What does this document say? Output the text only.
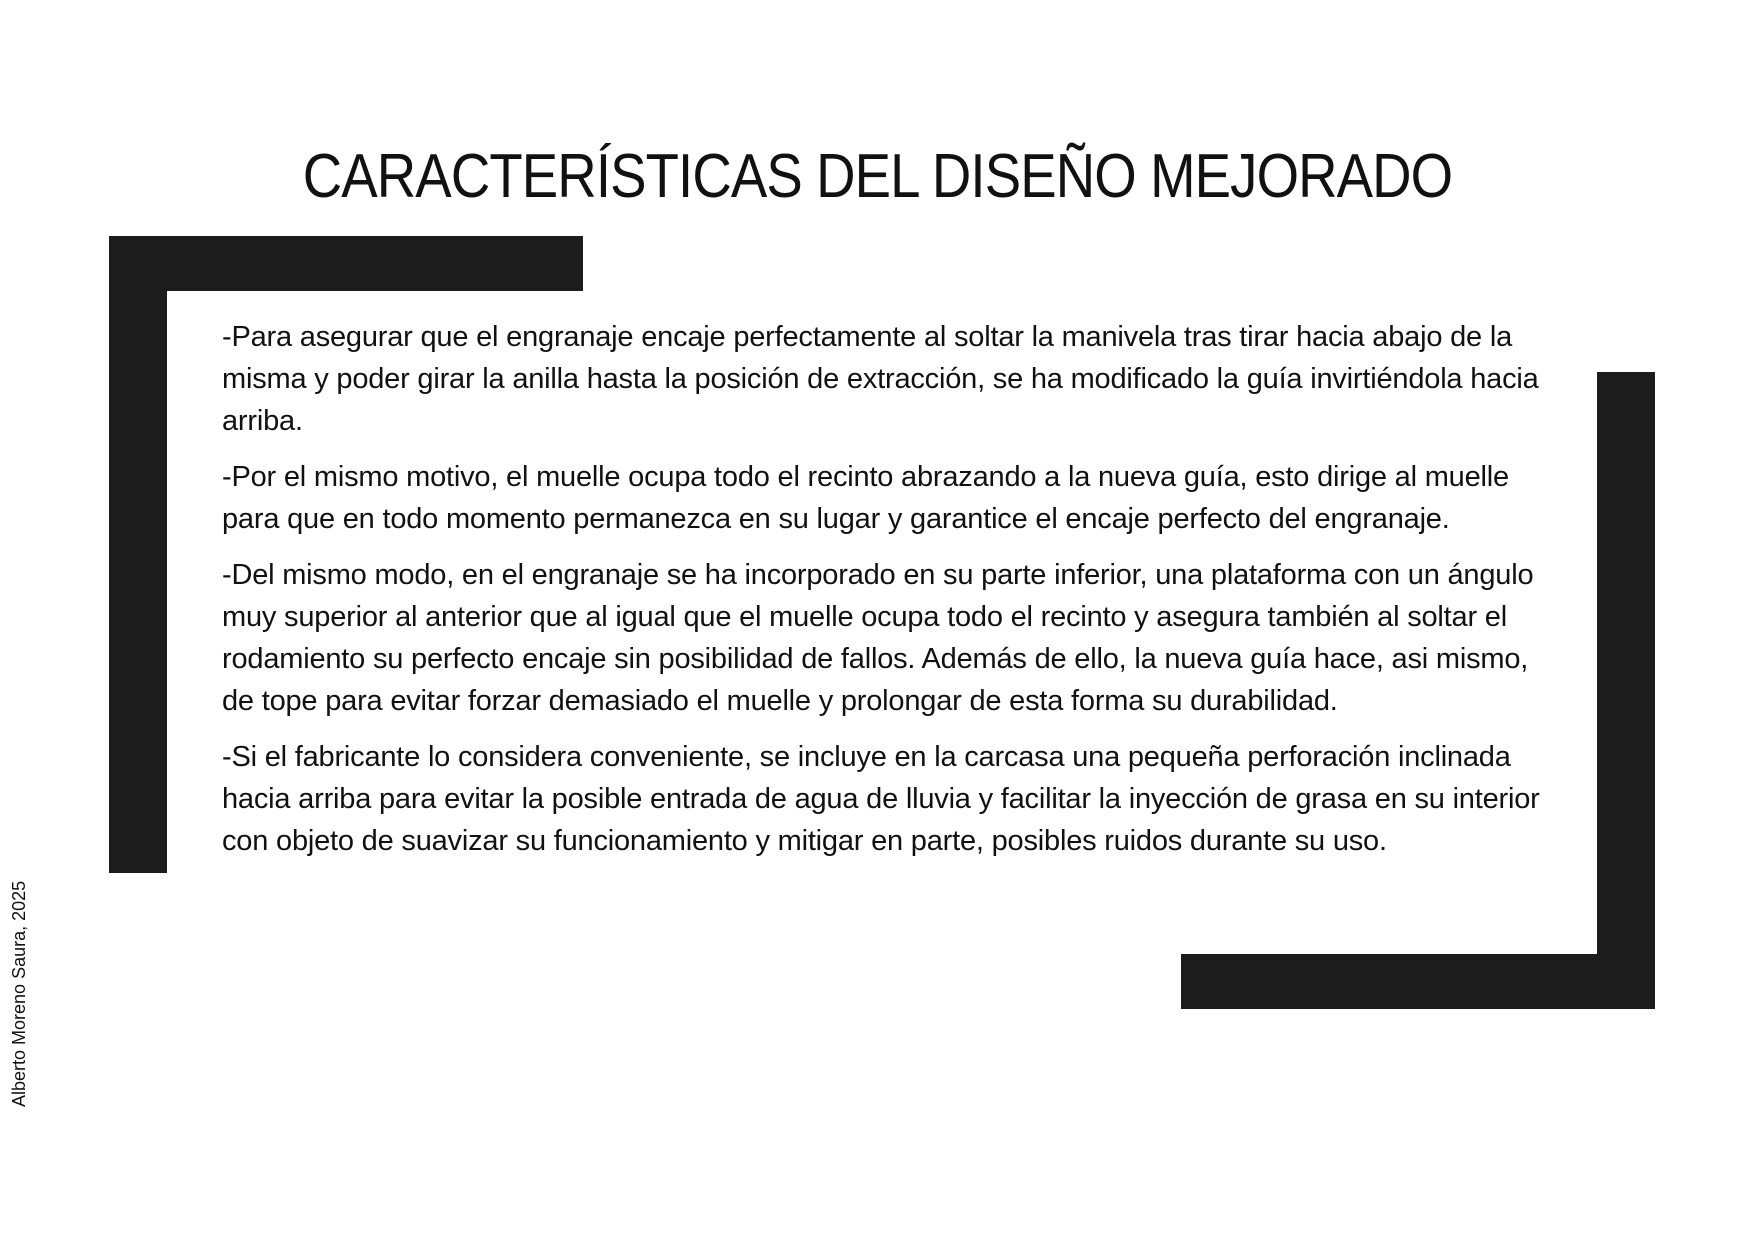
CARACTERÍSTICAS DEL DISEÑO MEJORADO

-Para asegurar que el engranaje encaje perfectamente al soltar la manivela tras tirar hacia abajo de la misma y poder girar la anilla hasta la posición de extracción, se ha modificado la guía invirtiéndola hacia arriba.

-Por el mismo motivo, el muelle ocupa todo el recinto abrazando a la nueva guía, esto dirige al muelle para que en todo momento permanezca en su lugar y garantice el encaje perfecto del engranaje.

-Del mismo modo, en el engranaje se ha incorporado en su parte inferior, una plataforma con un ángulo muy superior al anterior que al igual que el muelle ocupa todo el recinto y asegura también al soltar el rodamiento su perfecto encaje sin posibilidad de fallos. Además de ello, la nueva guía hace, asi mismo, de tope para evitar forzar demasiado el muelle y prolongar de esta forma su durabilidad.

-Si el fabricante lo considera conveniente, se incluye en la carcasa una pequeña perforación inclinada hacia arriba para evitar la posible entrada de agua de lluvia y facilitar la inyección de grasa en su interior con objeto de suavizar su funcionamiento y mitigar en parte, posibles ruidos durante su uso.

Alberto Moreno Saura, 2025
